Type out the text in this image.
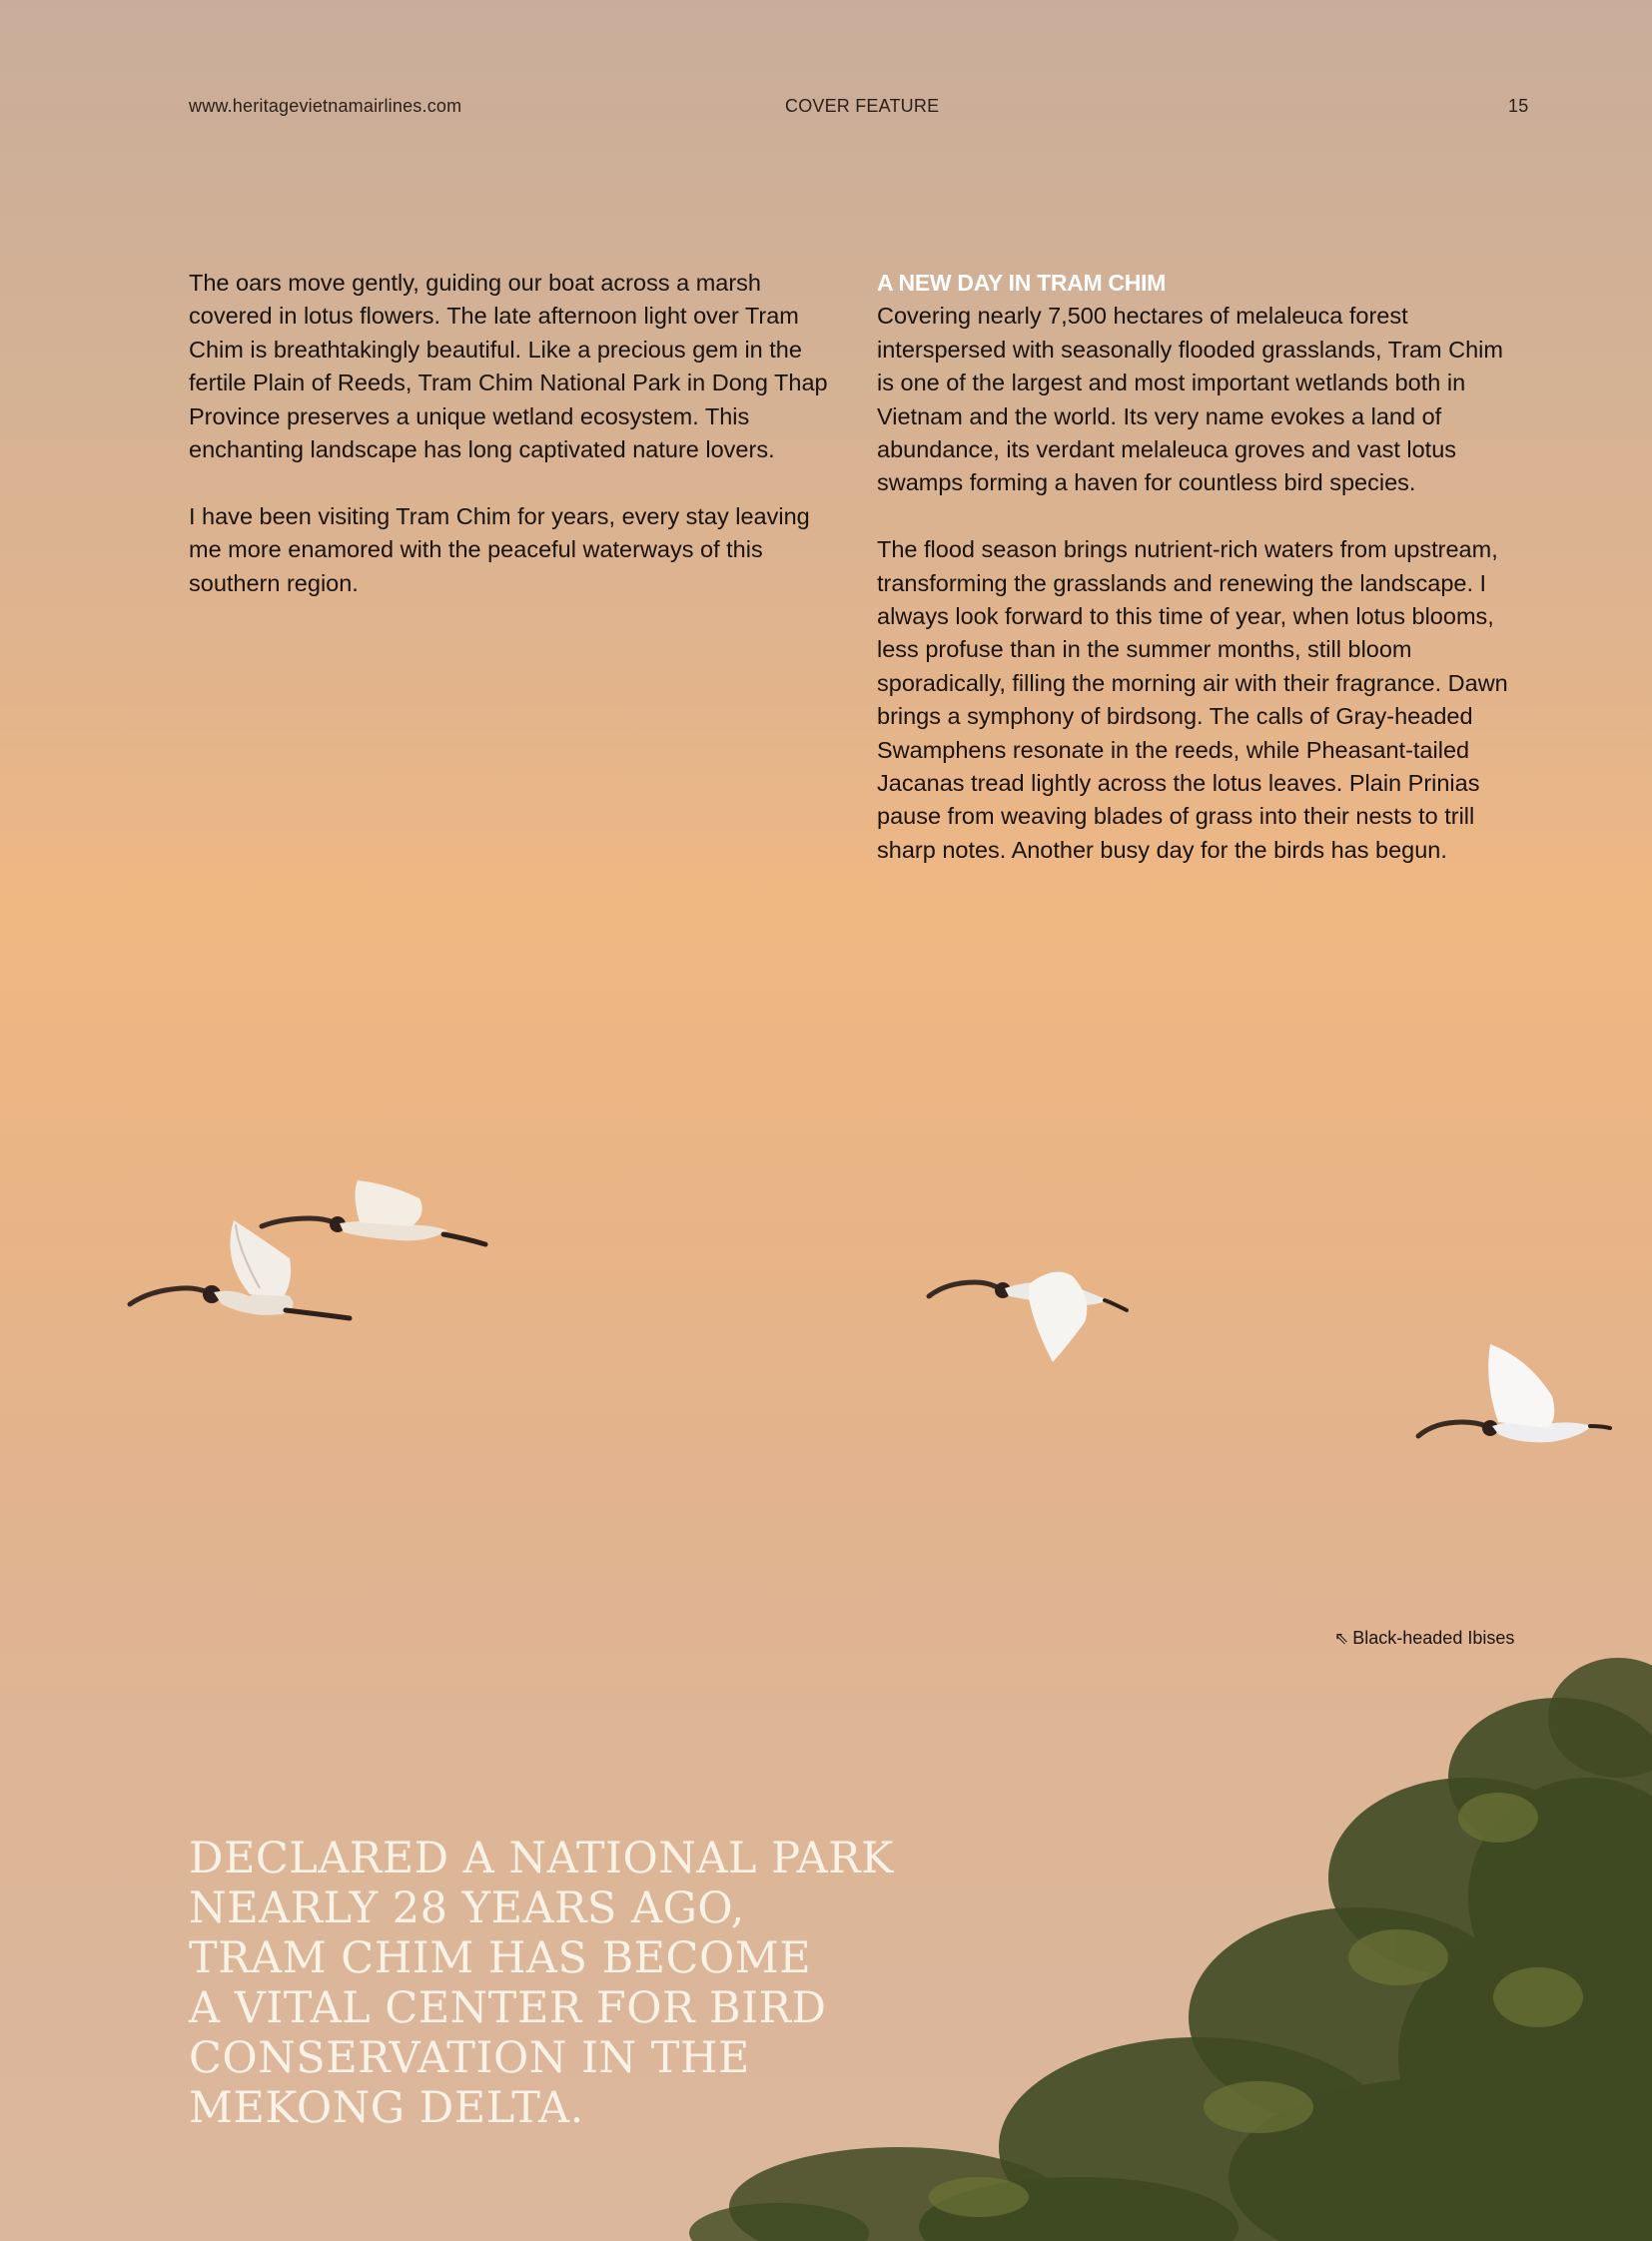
www.heritagevietnamairlines.com	COVER FEATURE	15

The oars move gently, guiding our boat across a marsh covered in lotus flowers. The late afternoon light over Tram Chim is breathtakingly beautiful. Like a precious gem in the fertile Plain of Reeds, Tram Chim National Park in Dong Thap Province preserves a unique wetland ecosystem. This enchanting landscape has long captivated nature lovers.

I have been visiting Tram Chim for years, every stay leaving me more enamored with the peaceful waterways of this southern region.

A NEW DAY IN TRAM CHIM

Covering nearly 7,500 hectares of melaleuca forest interspersed with seasonally flooded grasslands, Tram Chim is one of the largest and most important wetlands both in Vietnam and the world. Its very name evokes a land of abundance, its verdant melaleuca groves and vast lotus swamps forming a haven for countless bird species.

The flood season brings nutrient-rich waters from upstream, transforming the grasslands and renewing the landscape. I always look forward to this time of year, when lotus blooms, less profuse than in the summer months, still bloom sporadically, filling the morning air with their fragrance. Dawn brings a symphony of birdsong. The calls of Gray-headed Swamphens resonate in the reeds, while Pheasant-tailed Jacanas tread lightly across the lotus leaves. Plain Prinias pause from weaving blades of grass into their nests to trill sharp notes. Another busy day for the birds has begun.

⇖ Black-headed Ibises
DECLARED A NATIONAL PARK
NEARLY 28 YEARS AGO,
TRAM CHIM HAS BECOME
A VITAL CENTER FOR BIRD
CONSERVATION IN THE
MEKONG DELTA.
